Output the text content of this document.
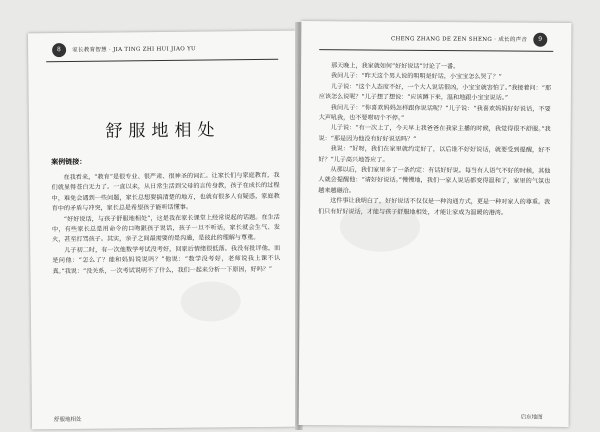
8 家长教育智慧 · JIA TING ZHI HUI JIAO YU
舒服地相处
案例链接：

在我看来，“教育”是很专业、很严肃、很神圣的词汇。让家长们与家庭教育，我们就显得苍白无力了。一直以来，从日常生活到父母的言传身教，孩子在成长的过程中，难免会遇到一些问题，家长总想要搞清楚的地方，也就有很多人有疑惑，家庭教育中的矛盾与冲突，家长总是希望孩子能听话懂事。

“好好说话，与孩子舒服地相处”，这是我在家长课堂上经常说起的话题。在生活中，有些家长总是用命令的口吻跟孩子说话，孩子一旦不听话，家长就会生气、发火，甚至打骂孩子。其实，亲子之间最需要的是沟通，是彼此的理解与尊重。

儿子初二时，有一次他数学考试没考好，回家后情绪很低落。我没有批评他，而是问他：“怎么了？能和妈妈说说吗？”他说：“数学没考好，老师说我上课不认真。”我说：“没关系，一次考试说明不了什么，我们一起来分析一下原因，好吗？”

舒服地相处
CHENG ZHANG DE ZEN SHENG · 成长的声音 9

那天晚上，我家就如何“好好说话”讨论了一番。

我问儿子：“昨天这个男人说的明明是好话，小宝宝怎么哭了？”

儿子说：“这个人态度不好，一个大人说话很凶，小宝宝就害怕了。”我接着问：“那应该怎么说呢？”儿子想了想说：“应该蹲下来，温和地跟小宝宝说话。”

我问儿子：“你喜欢妈妈怎样跟你说话呢？”儿子说：“我喜欢妈妈好好说话，不要大声吼我，也不要唠叨个不停。”

儿子说：“有一次上了，今天早上我爸爸在我家主播的时候，我觉得很不舒服。”我说：“那是因为他没有好好说话吗？”

我说：“好呀，我们在家里就约定好了，以后谁不好好说话，就要受到提醒，好不好？”儿子高兴地答应了。

从那以后，我们家里多了一条约定：有话好好说。每当有人语气不好的时候，其他人就会提醒他：“请好好说话。”慢慢地，我们一家人说话都变得温和了，家里的气氛也越来越融洽。

这件事让我明白了，好好说话不仅仅是一种沟通方式，更是一种对家人的尊重。我们只有好好说话，才能与孩子舒服地相处，才能让家成为温暖的港湾。

启东地图
